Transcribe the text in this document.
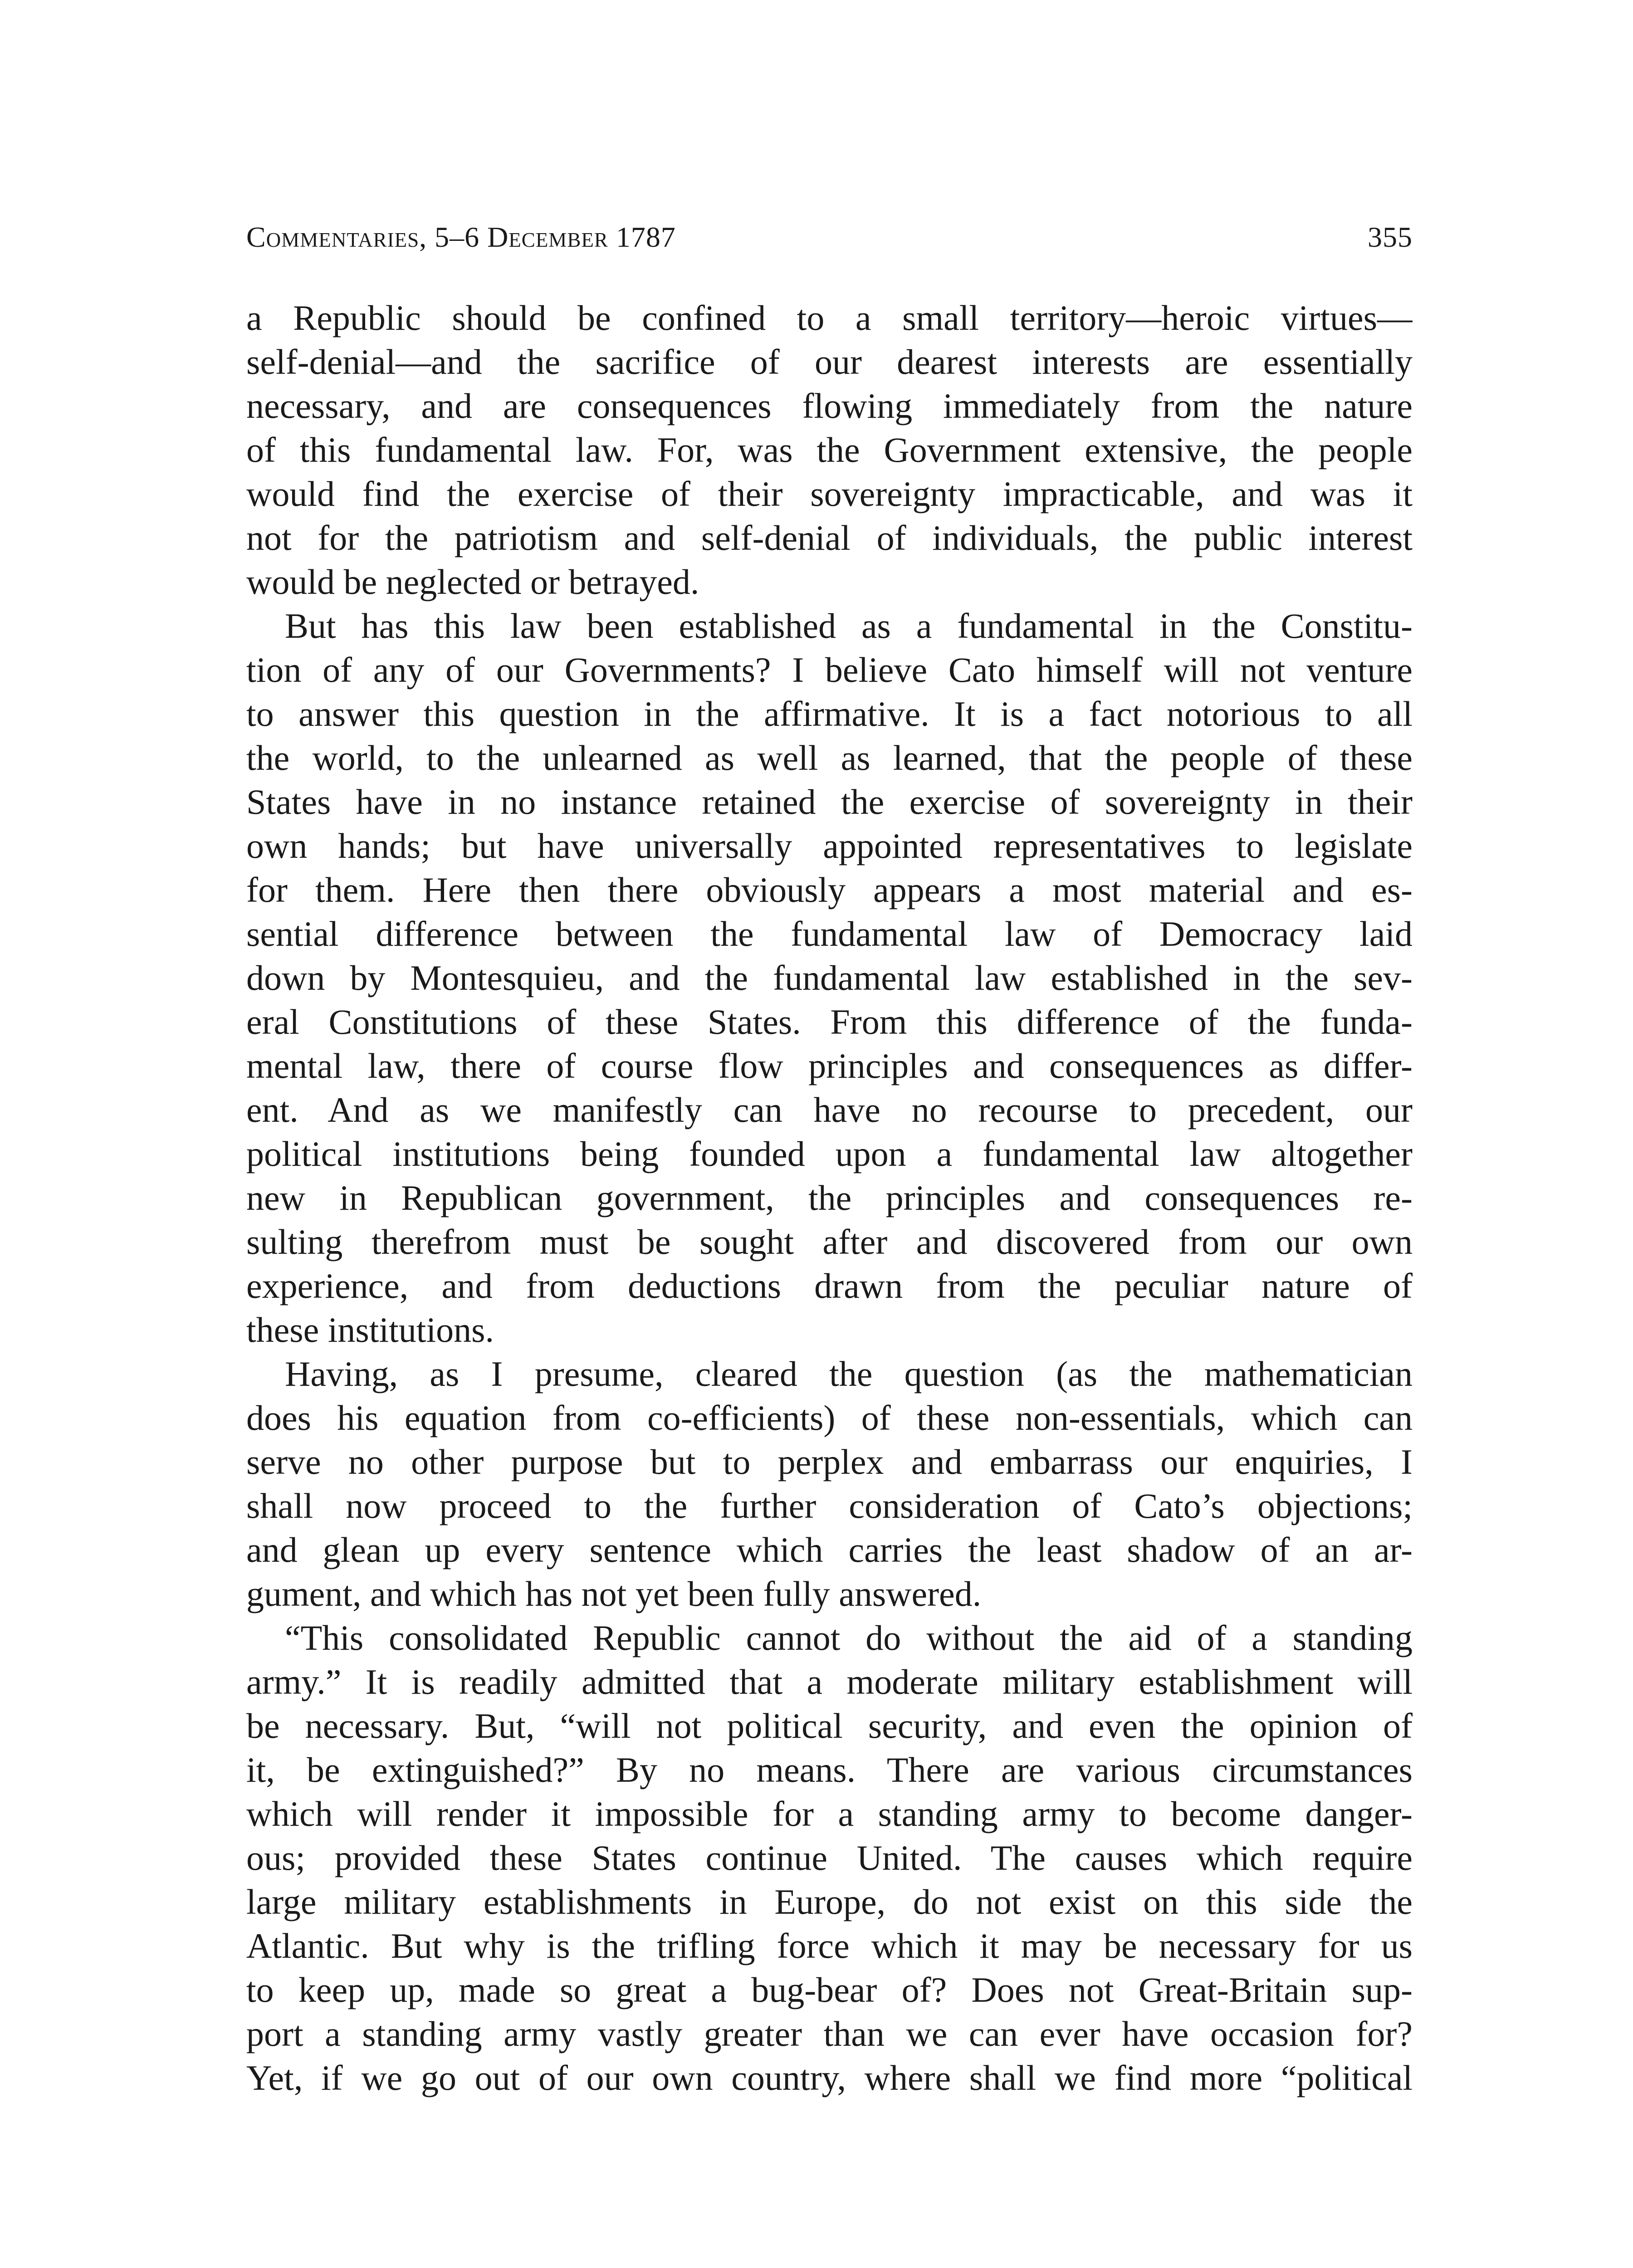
Commentaries, 5–6 December 1787	355
a Republic should be confined to a small territory—heroic virtues—
self-denial—and the sacrifice of our dearest interests are essentially
necessary, and are consequences flowing immediately from the nature
of this fundamental law. For, was the Government extensive, the people
would find the exercise of their sovereignty impracticable, and was it
not for the patriotism and self-denial of individuals, the public interest
would be neglected or betrayed.
But has this law been established as a fundamental in the Constitu-
tion of any of our Governments? I believe Cato himself will not venture
to answer this question in the affirmative. It is a fact notorious to all
the world, to the unlearned as well as learned, that the people of these
States have in no instance retained the exercise of sovereignty in their
own hands; but have universally appointed representatives to legislate
for them. Here then there obviously appears a most material and es-
sential difference between the fundamental law of Democracy laid
down by Montesquieu, and the fundamental law established in the sev-
eral Constitutions of these States. From this difference of the funda-
mental law, there of course flow principles and consequences as differ-
ent. And as we manifestly can have no recourse to precedent, our
political institutions being founded upon a fundamental law altogether
new in Republican government, the principles and consequences re-
sulting therefrom must be sought after and discovered from our own
experience, and from deductions drawn from the peculiar nature of
these institutions.
Having, as I presume, cleared the question (as the mathematician
does his equation from co-efficients) of these non-essentials, which can
serve no other purpose but to perplex and embarrass our enquiries, I
shall now proceed to the further consideration of Cato’s objections;
and glean up every sentence which carries the least shadow of an ar-
gument, and which has not yet been fully answered.
“This consolidated Republic cannot do without the aid of a standing
army.” It is readily admitted that a moderate military establishment will
be necessary. But, “will not political security, and even the opinion of
it, be extinguished?” By no means. There are various circumstances
which will render it impossible for a standing army to become danger-
ous; provided these States continue United. The causes which require
large military establishments in Europe, do not exist on this side the
Atlantic. But why is the trifling force which it may be necessary for us
to keep up, made so great a bug-bear of? Does not Great-Britain sup-
port a standing army vastly greater than we can ever have occasion for?
Yet, if we go out of our own country, where shall we find more “political
